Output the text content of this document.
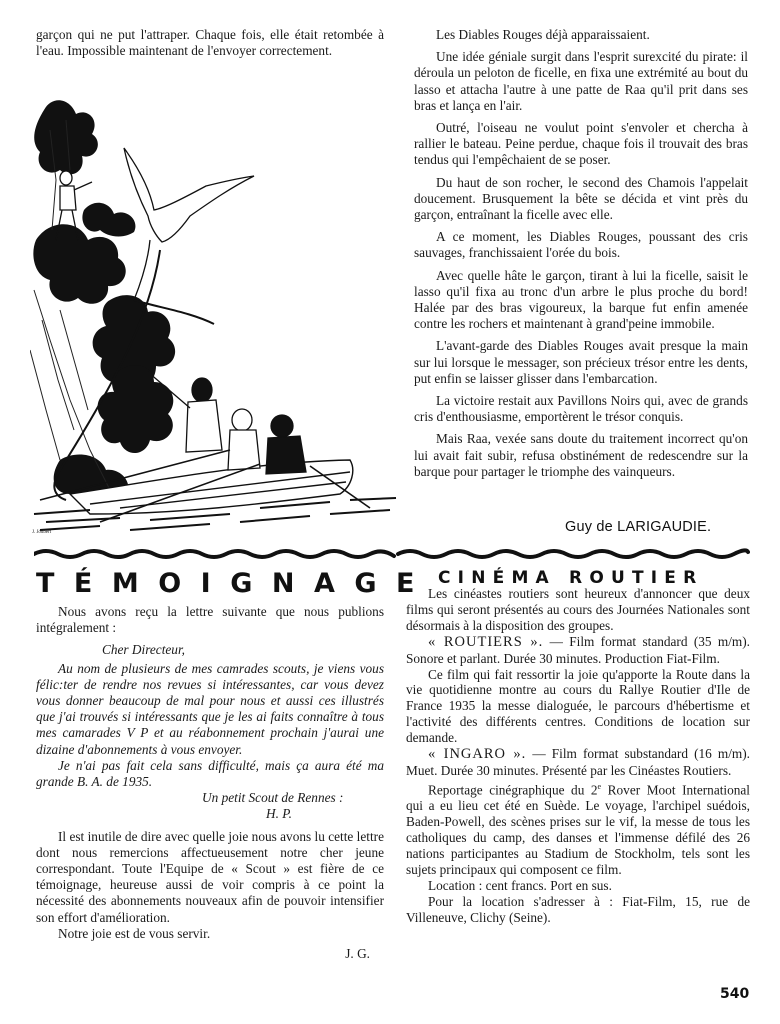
garçon qui ne put l'attraper. Chaque fois, elle était retombée à l'eau. Impossible maintenant de l'envoyer correctement.

J. Joubert

Les Diables Rouges déjà apparaissaient.

Une idée géniale surgit dans l'esprit surexcité du pirate: il déroula un peloton de ficelle, en fixa une extrémité au bout du lasso et attacha l'autre à une patte de Raa qu'il prit dans ses bras et lança en l'air.

Outré, l'oiseau ne voulut point s'envoler et chercha à rallier le bateau. Peine perdue, chaque fois il trouvait des bras tendus qui l'empêchaient de se poser.

Du haut de son rocher, le second des Chamois l'appelait doucement. Brusquement la bête se décida et vint près du garçon, entraînant la ficelle avec elle.

A ce moment, les Diables Rouges, poussant des cris sauvages, franchissaient l'orée du bois.

Avec quelle hâte le garçon, tirant à lui la ficelle, saisit le lasso qu'il fixa au tronc d'un arbre le plus proche du bord! Halée par des bras vigoureux, la barque fut enfin amenée contre les rochers et maintenant à grand'peine immobile.

L'avant-garde des Diables Rouges avait presque la main sur lui lorsque le messager, son précieux trésor entre les dents, put enfin se laisser glisser dans l'embarcation.

La victoire restait aux Pavillons Noirs qui, avec de grands cris d'enthousiasme, emportèrent le trésor conquis.

Mais Raa, vexée sans doute du traitement incorrect qu'on lui avait fait subir, refusa obstinément de redescendre sur la barque pour partager le triomphe des vainqueurs.

Guy de LARIGAUDIE.
TÉMOIGNAGE CINÉMA ROUTIER

Nous avons reçu la lettre suivante que nous publions intégralement :

Cher Directeur,

Au nom de plusieurs de mes camrades scouts, je viens vous félic:ter de rendre nos revues si intéressantes, car vous devez vous donner beaucoup de mal pour nous et aussi ces illustrés que j'ai trouvés si intéressants que je les ai faits connaître à tous mes camarades V P et au réabonnement prochain j'aurai une dizaine d'abonnements à vous envoyer.

Je n'ai pas fait cela sans difficulté, mais ça aura été ma grande B. A. de 1935.

Un petit Scout de Rennes :

H. P.

Il est inutile de dire avec quelle joie nous avons lu cette lettre dont nous remercions affectueusement notre cher jeune correspondant. Toute l'Equipe de « Scout » est fière de ce témoignage, heureuse aussi de voir compris à ce point la nécessité des abonnements nouveaux afin de pouvoir intensifier son effort d'amélioration.

Notre joie est de vous servir.

J. G.

Les cinéastes routiers sont heureux d'annoncer que deux films qui seront présentés au cours des Journées Nationales sont désormais à la disposition des groupes.

« ROUTIERS ». — Film format standard (35 m/m). Sonore et parlant. Durée 30 minutes. Production Fiat-Film.

Ce film qui fait ressortir la joie qu'apporte la Route dans la vie quotidienne montre au cours du Rallye Routier d'Ile de France 1935 la messe dialoguée, le parcours d'hébertisme et l'activité des différents centres. Conditions de location sur demande.

« INGARO ». — Film format substandard (16 m/m). Muet. Durée 30 minutes. Présenté par les Cinéastes Routiers.

Reportage cinégraphique du 2e Rover Moot International qui a eu lieu cet été en Suède. Le voyage, l'archipel suédois, Baden-Powell, des scènes prises sur le vif, la messe de tous les catholiques du camp, des danses et l'immense défilé des 26 nations participantes au Stadium de Stockholm, tels sont les sujets principaux qui composent ce film.

Location : cent francs. Port en sus.

Pour la location s'adresser à : Fiat-Film, 15, rue de Villeneuve, Clichy (Seine).

540
